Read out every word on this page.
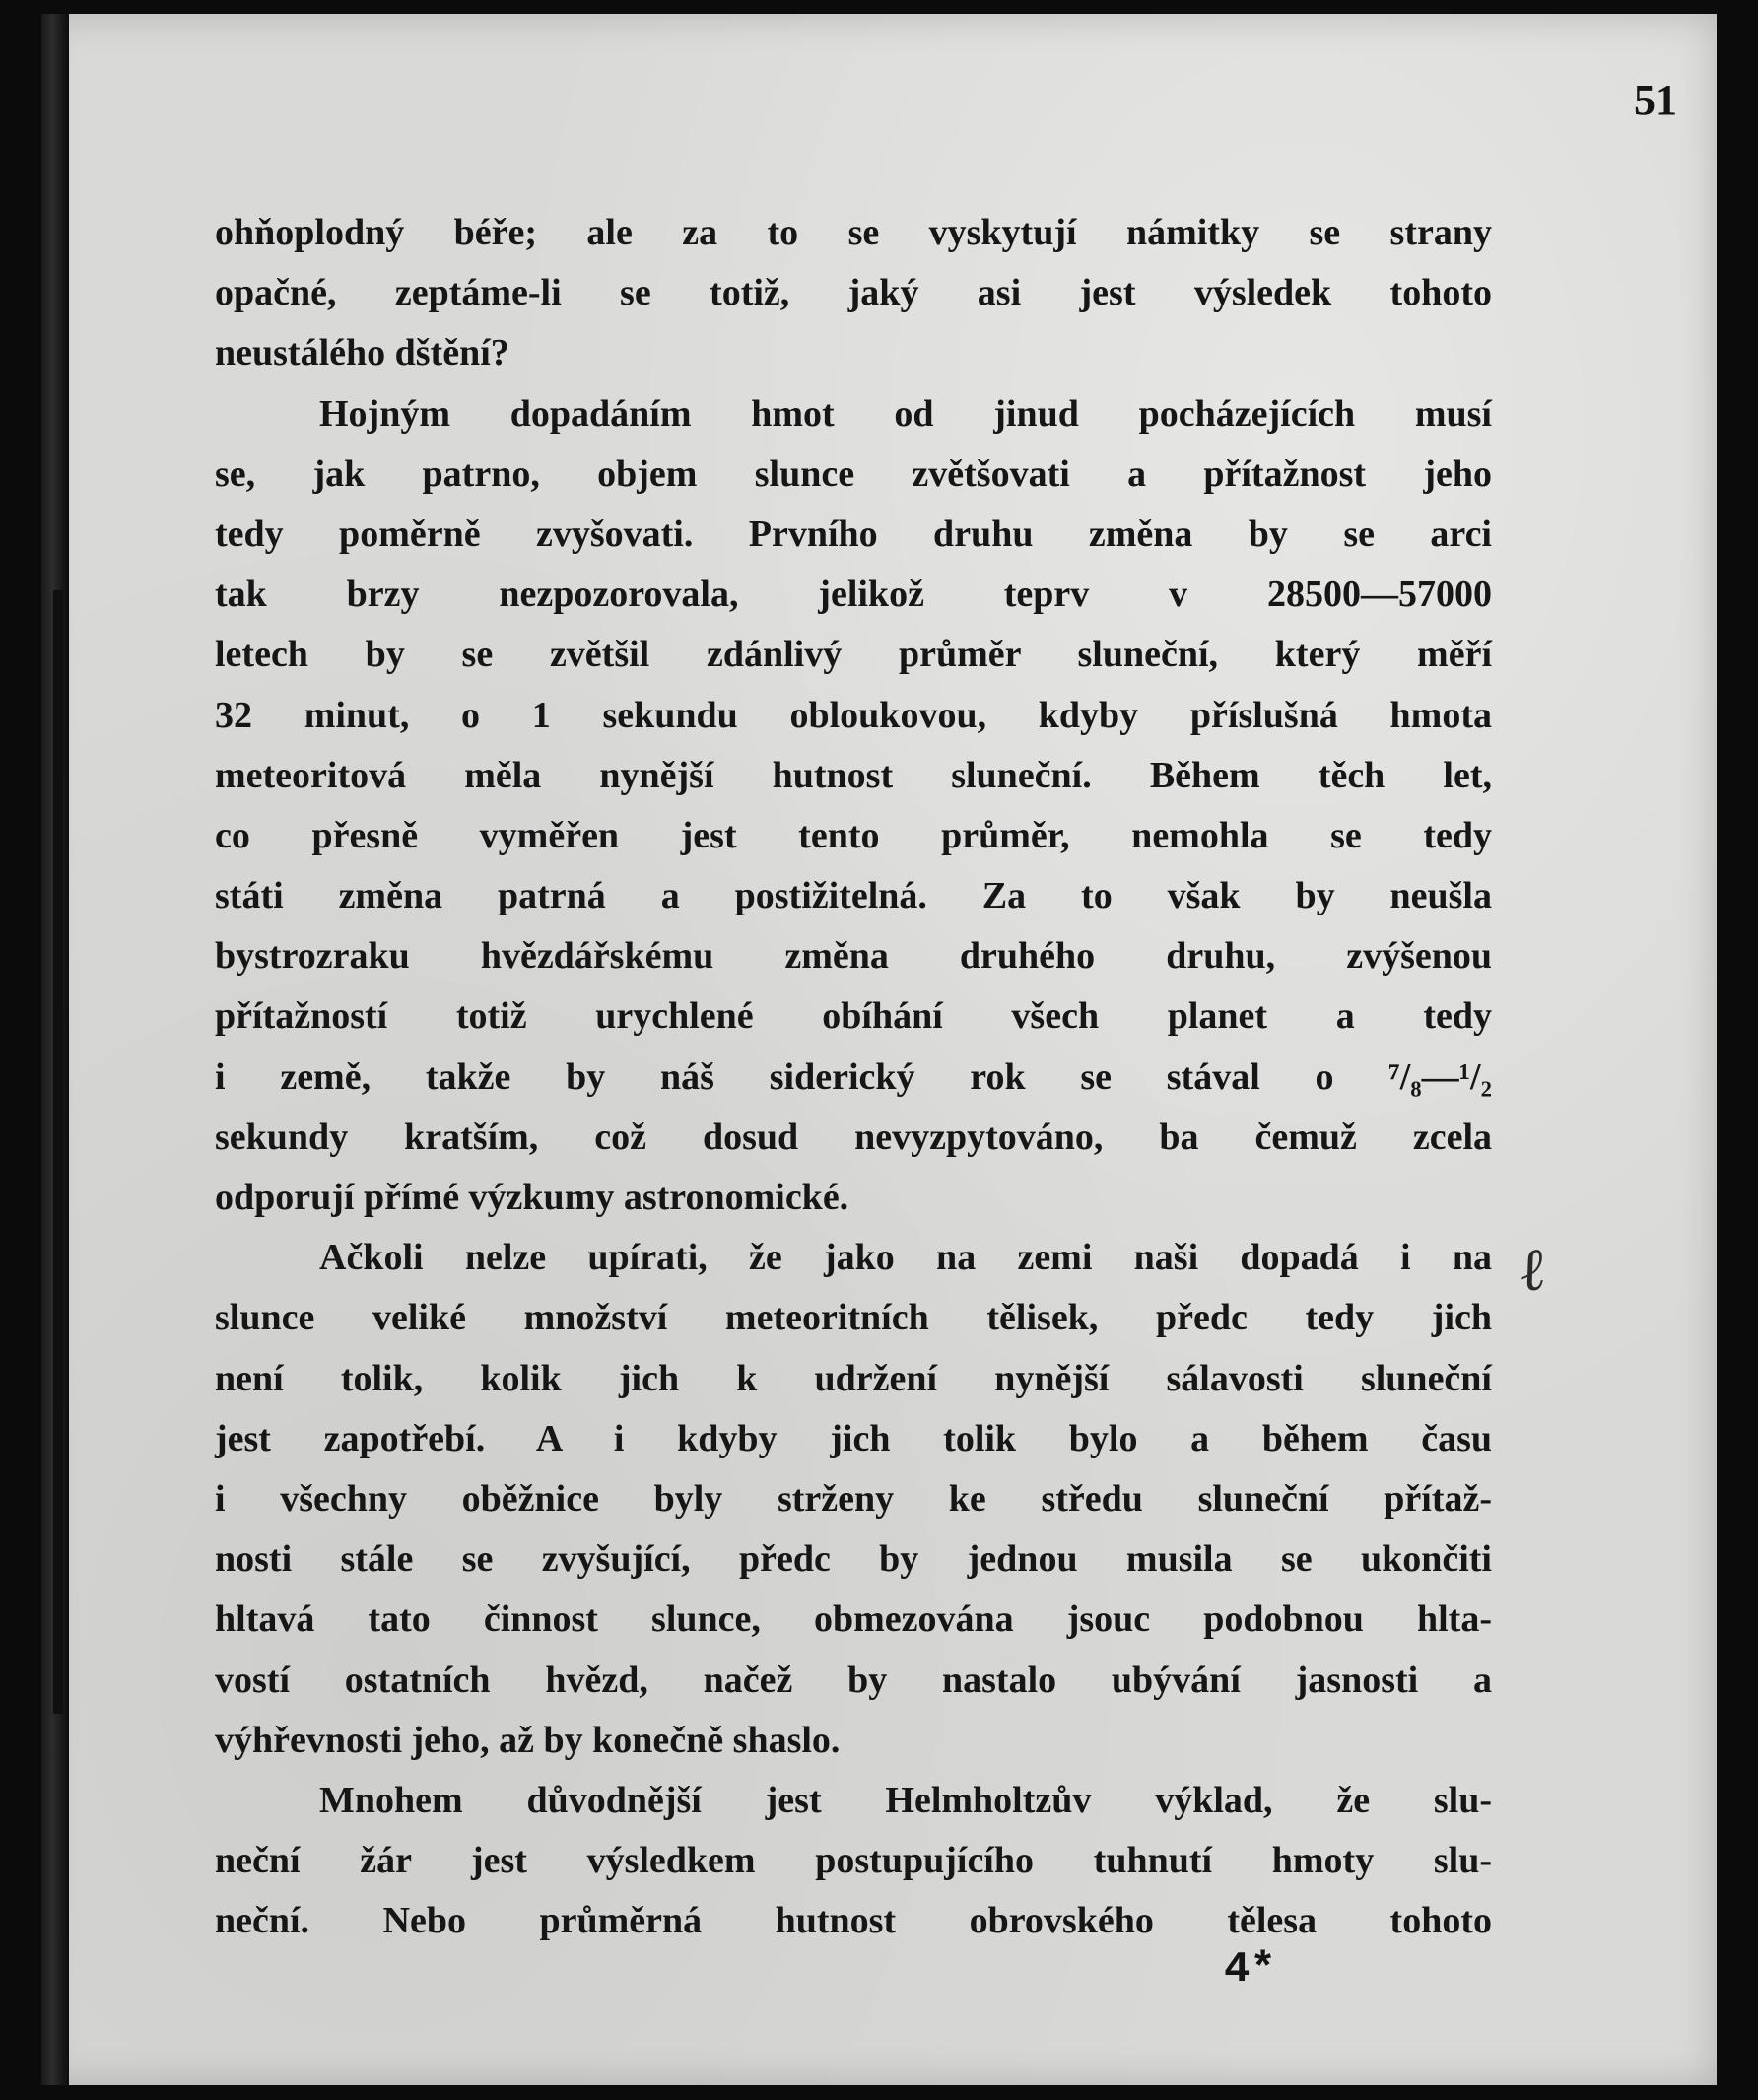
51
ℓ
ohňoplodný béře; ale za to se vyskytují námitky se strany
opačné, zeptáme-li se totiž, jaký asi jest výsledek tohoto
neustálého dštění?
Hojným dopadáním hmot od jinud pocházejících musí
se, jak patrno, objem slunce zvětšovati a přítažnost jeho
tedy poměrně zvyšovati. Prvního druhu změna by se arci
tak brzy nezpozorovala, jelikož teprv v 28500—57000
letech by se zvětšil zdánlivý průměr sluneční, který měří
32 minut, o 1 sekundu obloukovou, kdyby příslušná hmota
meteoritová měla nynější hutnost sluneční. Během těch let,
co přesně vyměřen jest tento průměr, nemohla se tedy
státi změna patrná a postižitelná. Za to však by neušla
bystrozraku hvězdářskému změna druhého druhu, zvýšenou
přítažností totiž urychlené obíhání všech planet a tedy
i země, takže by náš siderický rok se stával o ⁷/₈—¹/₂
sekundy kratším, což dosud nevyzpytováno, ba čemuž zcela
odporují přímé výzkumy astronomické.
Ačkoli nelze upírati, že jako na zemi naši dopadá i na
slunce veliké množství meteoritních tělisek, předc tedy jich
není tolik, kolik jich k udržení nynější sálavosti sluneční
jest zapotřebí. A i kdyby jich tolik bylo a během času
i všechny oběžnice byly strženy ke středu sluneční přítaž-
nosti stále se zvyšující, předc by jednou musila se ukončiti
hltavá tato činnost slunce, obmezována jsouc podobnou hlta-
vostí ostatních hvězd, načež by nastalo ubývání jasnosti a
výhřevnosti jeho, až by konečně shaslo.
Mnohem důvodnější jest Helmholtzův výklad, že slu-
neční žár jest výsledkem postupujícího tuhnutí hmoty slu-
neční. Nebo průměrná hutnost obrovského tělesa tohoto
4*
